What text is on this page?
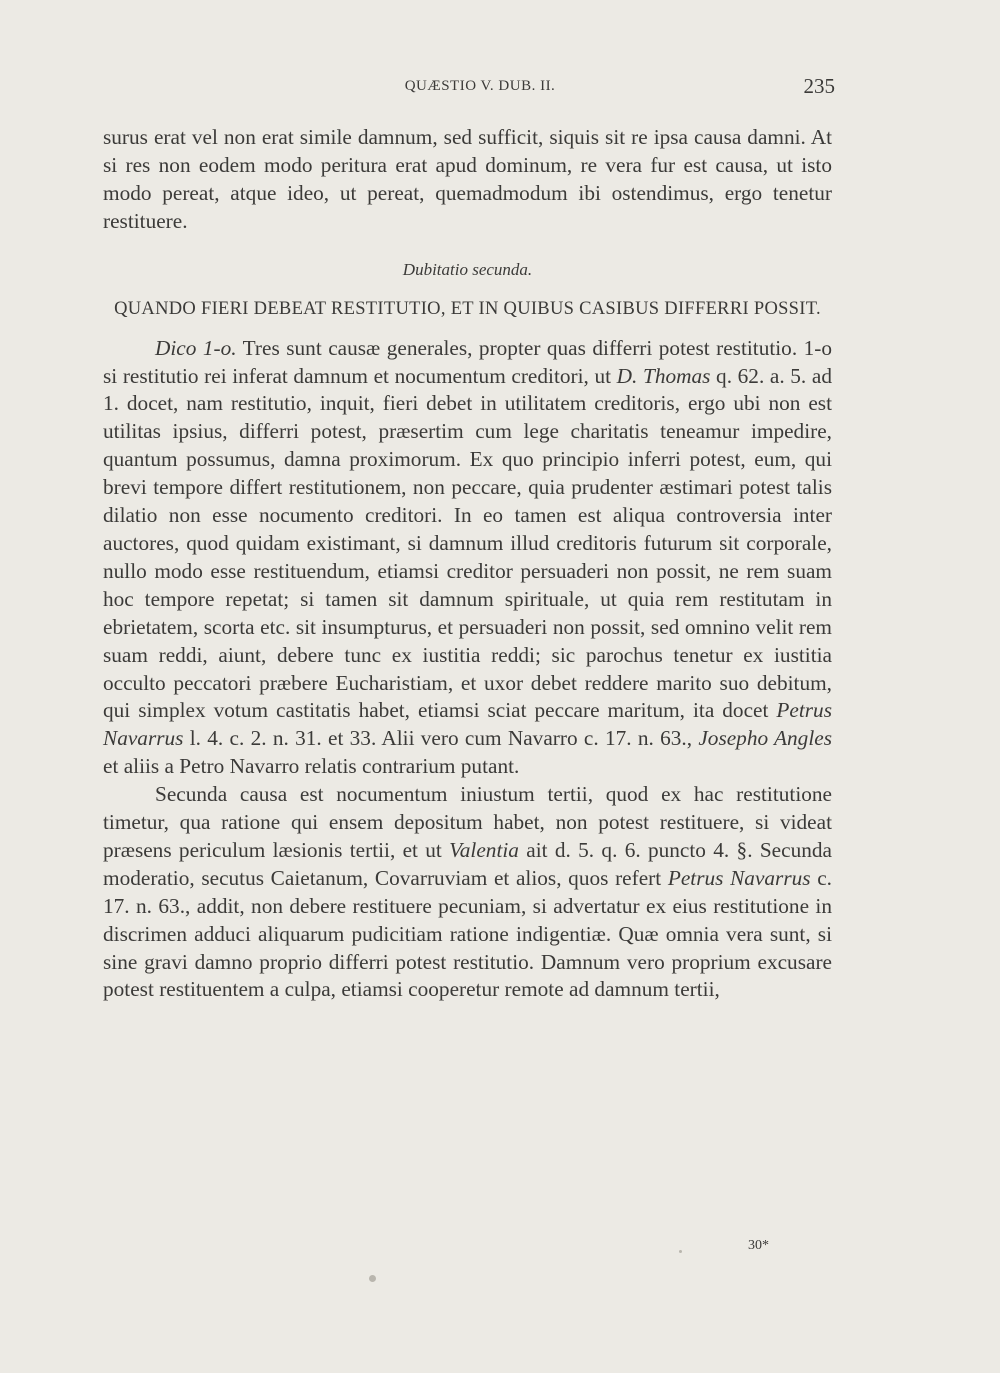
QUÆSTIO V. DUB. II.	235

surus erat vel non erat simile damnum, sed sufficit, siquis sit re ipsa causa damni. At si res non eodem modo peritura erat apud dominum, re vera fur est causa, ut isto modo pereat, atque ideo, ut pereat, quemadmodum ibi ostendimus, ergo tenetur restituere.

Dubitatio secunda.
QUANDO FIERI DEBEAT RESTITUTIO, ET IN QUIBUS CASIBUS DIFFERRI POSSIT.

Dico 1-o. Tres sunt causæ generales, propter quas differri potest restitutio. 1-o si restitutio rei inferat damnum et nocumentum creditori, ut D. Thomas q. 62. a. 5. ad 1. docet, nam restitutio, inquit, fieri debet in utilitatem creditoris, ergo ubi non est utilitas ipsius, differri potest, præsertim cum lege charitatis teneamur impedire, quantum possumus, damna proximorum. Ex quo principio inferri potest, eum, qui brevi tempore differt restitutionem, non peccare, quia prudenter æstimari potest talis dilatio non esse nocumento creditori. In eo tamen est aliqua controversia inter auctores, quod quidam existimant, si damnum illud creditoris futurum sit corporale, nullo modo esse restituendum, etiamsi creditor persuaderi non possit, ne rem suam hoc tempore repetat; si tamen sit damnum spirituale, ut quia rem restitutam in ebrietatem, scorta etc. sit insumpturus, et persuaderi non possit, sed omnino velit rem suam reddi, aiunt, debere tunc ex iustitia reddi; sic parochus tenetur ex iustitia occulto peccatori præbere Eucharistiam, et uxor debet reddere marito suo debitum, qui simplex votum castitatis habet, etiamsi sciat peccare maritum, ita docet Petrus Navarrus l. 4. c. 2. n. 31. et 33. Alii vero cum Navarro c. 17. n. 63., Josepho Angles et aliis a Petro Navarro relatis contrarium putant.

Secunda causa est nocumentum iniustum tertii, quod ex hac restitutione timetur, qua ratione qui ensem depositum habet, non potest restituere, si videat præsens periculum læsionis tertii, et ut Valentia ait d. 5. q. 6. puncto 4. §. Secunda moderatio, secutus Caietanum, Covarruviam et alios, quos refert Petrus Navarrus c. 17. n. 63., addit, non debere restituere pecuniam, si advertatur ex eius restitutione in discrimen adduci aliquarum pudicitiam ratione indigentiæ. Quæ omnia vera sunt, si sine gravi damno proprio differri potest restitutio. Damnum vero proprium excusare potest restituentem a culpa, etiamsi cooperetur remote ad damnum tertii,

30*
